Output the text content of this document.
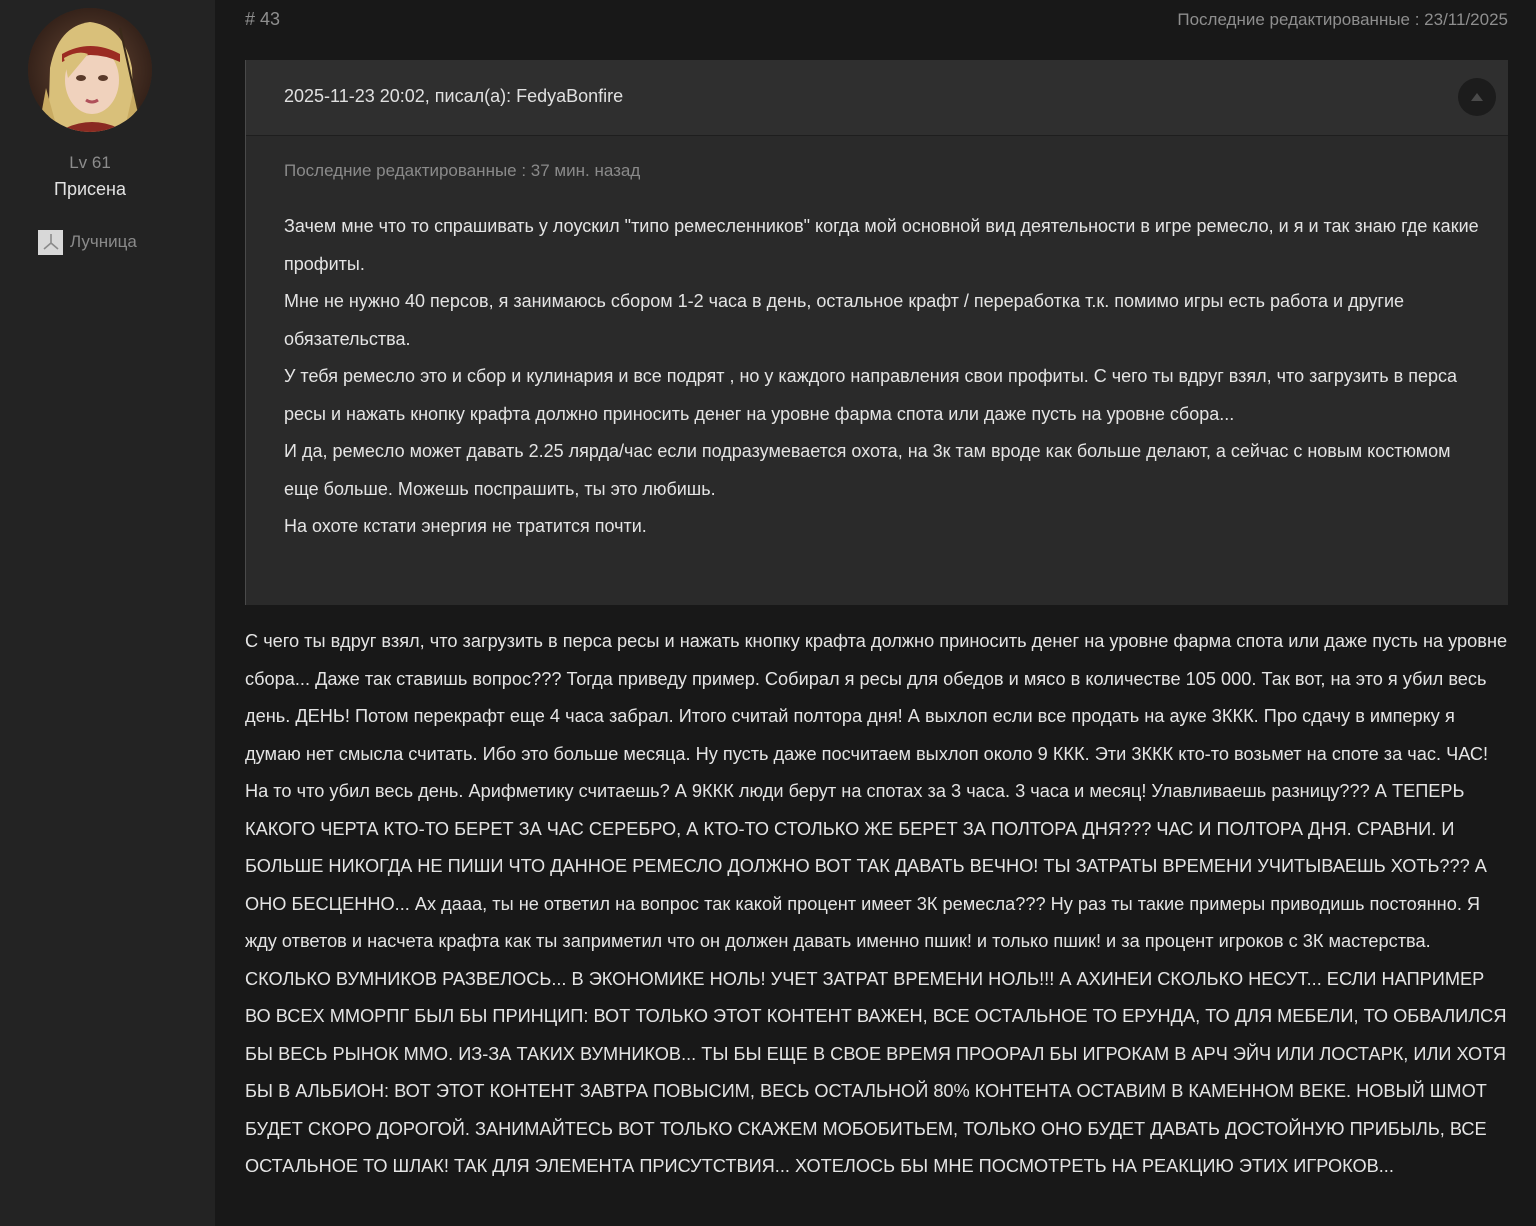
Lv 61
Присена
Лучница
# 43	Последние редактированные : 23/11/2025
2025-11-23 20:02, писал(а): FedyaBonfire
Последние редактированные : 37 мин. назад

Зачем мне что то спрашивать у лоускил "типо ремесленников" когда мой основной вид деятельности в игре ремесло, и я и так знаю где какие профиты.

Мне не нужно 40 персов, я занимаюсь сбором 1-2 часа в день, остальное крафт / переработка т.к. помимо игры есть работа и другие обязательства.

У тебя ремесло это и сбор и кулинария и все подрят , но у каждого направления свои профиты. С чего ты вдруг взял, что загрузить в перса ресы и нажать кнопку крафта должно приносить денег на уровне фарма спота или даже пусть на уровне сбора...

И да, ремесло может давать 2.25 лярда/час если подразумевается охота, на 3к там вроде как больше делают, а сейчас с новым костюмом еще больше. Можешь поспрашить, ты это любишь.

На охоте кстати энергия не тратится почти.

С чего ты вдруг взял, что загрузить в перса ресы и нажать кнопку крафта должно приносить денег на уровне фарма спота или даже пусть на уровне сбора... Даже так ставишь вопрос??? Тогда приведу пример. Собирал я ресы для обедов и мясо в количестве 105 000. Так вот, на это я убил весь день. ДЕНЬ! Потом перекрафт еще 4 часа забрал. Итого считай полтора дня! А выхлоп если все продать на ауке 3ККК. Про сдачу в имперку я думаю нет смысла считать. Ибо это больше месяца. Ну пусть даже посчитаем выхлоп около 9 ККК. Эти 3ККК кто-то возьмет на споте за час. ЧАС! На то что убил весь день. Арифметику считаешь? А 9ККК люди берут на спотах за 3 часа. 3 часа и месяц! Улавливаешь разницу??? А ТЕПЕРЬ КАКОГО ЧЕРТА КТО-ТО БЕРЕТ ЗА ЧАС СЕРЕБРО, А КТО-ТО СТОЛЬКО ЖЕ БЕРЕТ ЗА ПОЛТОРА ДНЯ??? ЧАС И ПОЛТОРА ДНЯ. СРАВНИ. И БОЛЬШЕ НИКОГДА НЕ ПИШИ ЧТО ДАННОЕ РЕМЕСЛО ДОЛЖНО ВОТ ТАК ДАВАТЬ ВЕЧНО! ТЫ ЗАТРАТЫ ВРЕМЕНИ УЧИТЫВАЕШЬ ХОТЬ??? А ОНО БЕСЦЕННО... Ах дааа, ты не ответил на вопрос так какой процент имеет 3К ремесла??? Ну раз ты такие примеры приводишь постоянно. Я жду ответов и насчета крафта как ты заприметил что он должен давать именно пшик! и только пшик! и за процент игроков с 3К мастерства. СКОЛЬКО ВУМНИКОВ РАЗВЕЛОСЬ... В ЭКОНОМИКЕ НОЛЬ! УЧЕТ ЗАТРАТ ВРЕМЕНИ НОЛЬ!!! А АХИНЕИ СКОЛЬКО НЕСУТ... ЕСЛИ НАПРИМЕР ВО ВСЕХ ММОРПГ БЫЛ БЫ ПРИНЦИП: ВОТ ТОЛЬКО ЭТОТ КОНТЕНТ ВАЖЕН, ВСЕ ОСТАЛЬНОЕ ТО ЕРУНДА, ТО ДЛЯ МЕБЕЛИ, ТО ОБВАЛИЛСЯ БЫ ВЕСЬ РЫНОК ММО. ИЗ-ЗА ТАКИХ ВУМНИКОВ... ТЫ БЫ ЕЩЕ В СВОЕ ВРЕМЯ ПРООРАЛ БЫ ИГРОКАМ В АРЧ ЭЙЧ ИЛИ ЛОСТАРК, ИЛИ ХОТЯ БЫ В АЛЬБИОН: ВОТ ЭТОТ КОНТЕНТ ЗАВТРА ПОВЫСИМ, ВЕСЬ ОСТАЛЬНОЙ 80% КОНТЕНТА ОСТАВИМ В КАМЕННОМ ВЕКЕ. НОВЫЙ ШМОТ БУДЕТ СКОРО ДОРОГОЙ. ЗАНИМАЙТЕСЬ ВОТ ТОЛЬКО СКАЖЕМ МОБОБИТЬЕМ, ТОЛЬКО ОНО БУДЕТ ДАВАТЬ ДОСТОЙНУЮ ПРИБЫЛЬ, ВСЕ ОСТАЛЬНОЕ ТО ШЛАК! ТАК ДЛЯ ЭЛЕМЕНТА ПРИСУТСТВИЯ... ХОТЕЛОСЬ БЫ МНЕ ПОСМОТРЕТЬ НА РЕАКЦИЮ ЭТИХ ИГРОКОВ...
